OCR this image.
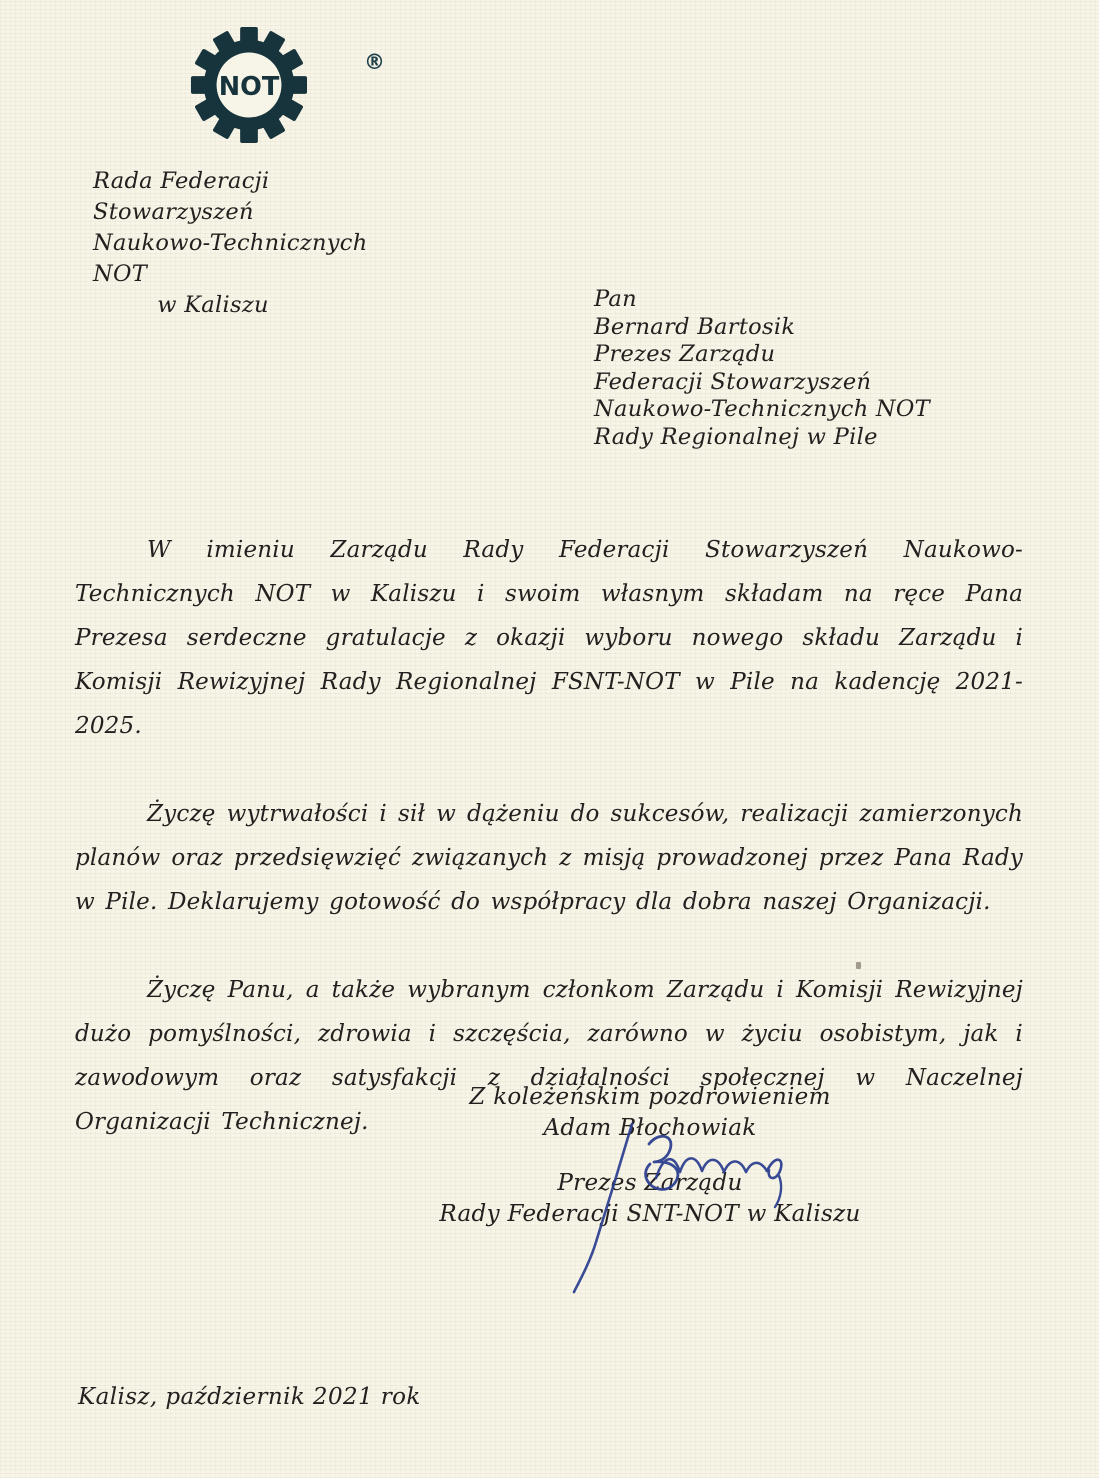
(NOT)
®
Rada Federacji Stowarzyszeń
Naukowo-Technicznych NOT
w Kaliszu	Pan
Bernard Bartosik
Prezes Zarządu
Federacji Stowarzyszeń
Naukowo-Technicznych NOT
Rady Regionalnej w Pile

W imieniu Zarządu Rady Federacji Stowarzyszeń Naukowo-Technicznych NOT w Kaliszu i swoim własnym składam na ręce Pana Prezesa serdeczne gratulacje z okazji wyboru nowego składu Zarządu i Komisji Rewizyjnej Rady Regionalnej FSNT-NOT w Pile na kadencję 2021-2025.

Życzę wytrwałości i sił w dążeniu do sukcesów, realizacji zamierzonych planów oraz przedsięwzięć związanych z misją prowadzonej przez Pana Rady w Pile. Deklarujemy gotowość do współpracy dla dobra naszej Organizacji.

Życzę Panu, a także wybranym członkom Zarządu i Komisji Rewizyjnej dużo pomyślności, zdrowia i szczęścia, zarówno w życiu osobistym, jak i zawodowym oraz satysfakcji z działalności społecznej w Naczelnej Organizacji Technicznej.

Z koleżeńskim pozdrowieniem
Adam Błochowiak
Prezes Zarządu
Rady Federacji SNT-NOT w Kaliszu
Kalisz, październik 2021 rok
